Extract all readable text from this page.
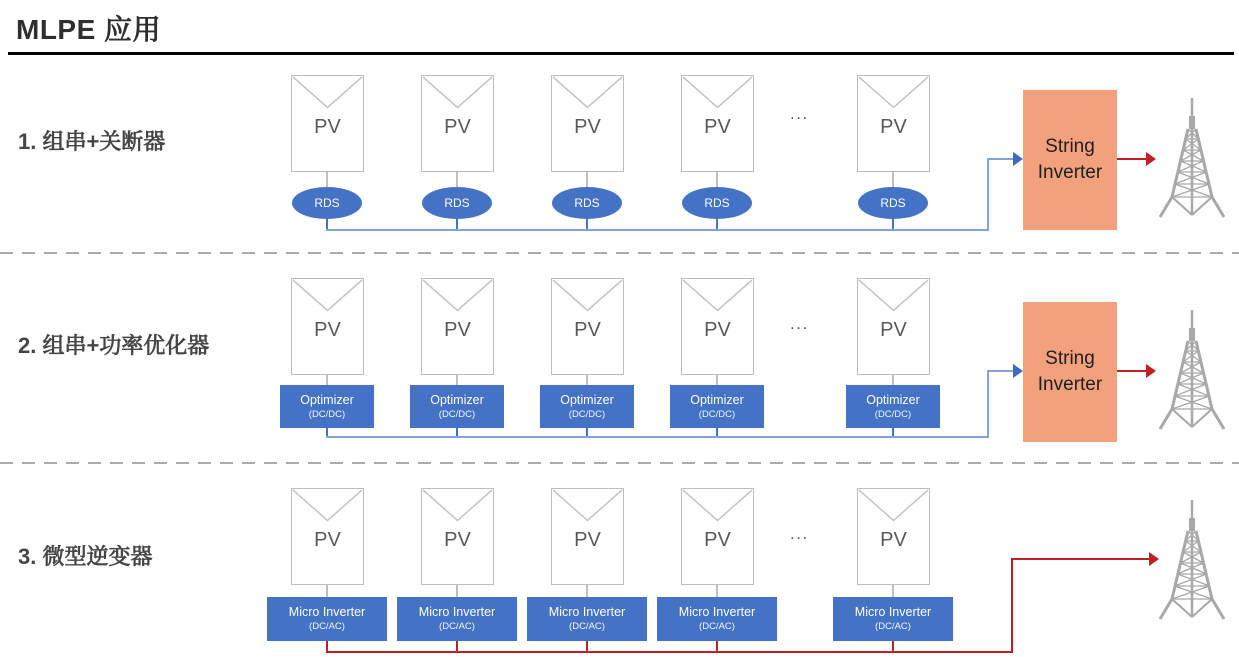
MLPE 应用
1. 组串+关断器
PV	PV	PV	PV
...
PV
RDS	RDS	RDS	RDS	RDS
String
Inverter
2. 组串+功率优化器
PV	PV	PV	PV	...	PV
Optimizer
(DC/DC)
Optimizer
(DC/DC)
Optimizer
(DC/DC)
Optimizer
(DC/DC)
Optimizer
(DC/DC)
String
Inverter
3. 微型逆变器
PV	PV	PV	PV	...	PV
Micro Inverter
(DC/AC)
Micro Inverter
(DC/AC)
Micro Inverter
(DC/AC)
Micro Inverter
(DC/AC)
Micro Inverter
(DC/AC)
